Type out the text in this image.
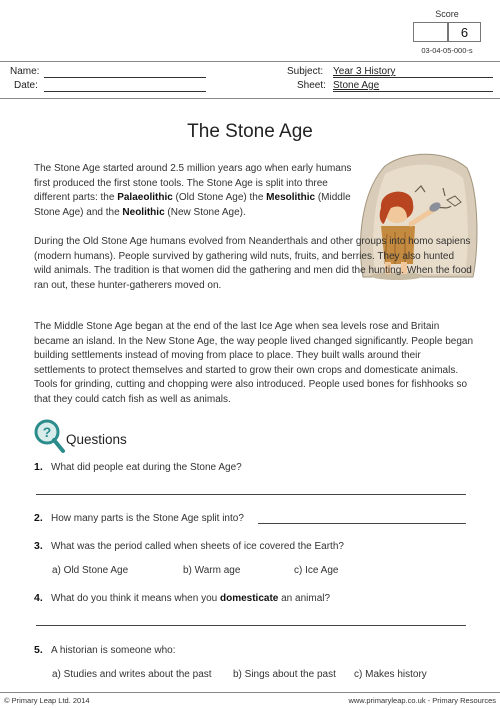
Score
6
03-04-05-000-s
Name:
Date:
Subject: Year 3 History
Sheet: Stone Age
The Stone Age
The Stone Age started around 2.5 million years ago when early humans first produced the first stone tools. The Stone Age is split into three different parts: the Palaeolithic (Old Stone Age) the Mesolithic (Middle Stone Age) and the Neolithic (New Stone Age).
During the Old Stone Age humans evolved from Neanderthals and other groups into homo sapiens (modern humans). People survived by gathering wild nuts, fruits, and berries. They also hunted wild animals. The tradition is that women did the gathering and men did the hunting. When the food ran out, these hunter-gatherers moved on.
The Middle Stone Age began at the end of the last Ice Age when sea levels rose and Britain became an island. In the New Stone Age, the way people lived changed significantly. People began building settlements instead of moving from place to place. They built walls around their settlements to protect themselves and started to grow their own crops and domesticate animals. Tools for grinding, cutting and chopping were also introduced. People used bones for fishhooks so that they could catch fish as well as animals.
? Questions
1. What did people eat during the Stone Age?
2. How many parts is the Stone Age split into?
3. What was the period called when sheets of ice covered the Earth?
a) Old Stone Age	b) Warm age	c) Ice Age
4. What do you think it means when you domesticate an animal?
5. A historian is someone who:
a) Studies and writes about the past b) Sings about the past c) Makes history
© Primary Leap Ltd. 2014	www.primaryleap.co.uk - Primary Resources
